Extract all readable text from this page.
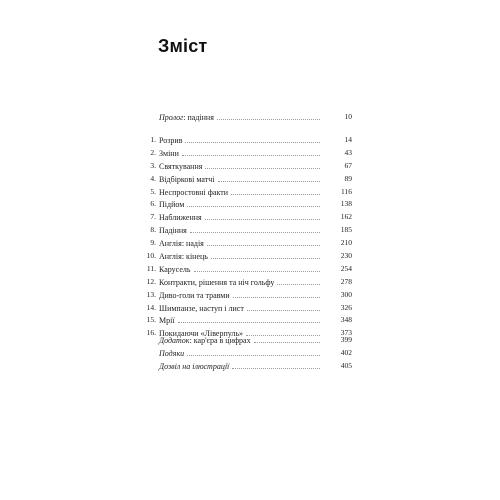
Зміст
Пролог: падіння	10
1. Розрив	14
2. Зміни	43
3. Святкування	67
4. Відбіркові матчі	89
5. Неспростовні факти	116
6. Підйом	138
7. Наближення	162
8. Падіння	185
9. Англія: надія	210
10. Англія: кінець	230
11. Карусель	254
12. Контракти, рішення та ніч гольфу	278
13. Диво-голи та травми	300
14. Шимпанзе, наступ і лист	326
15. Мрії	348
16. Покидаючи «Ліверпуль»	373
Додаток: кар'єра в цифрах	399
Подяки	402
Дозвіл на ілюстрації	405
